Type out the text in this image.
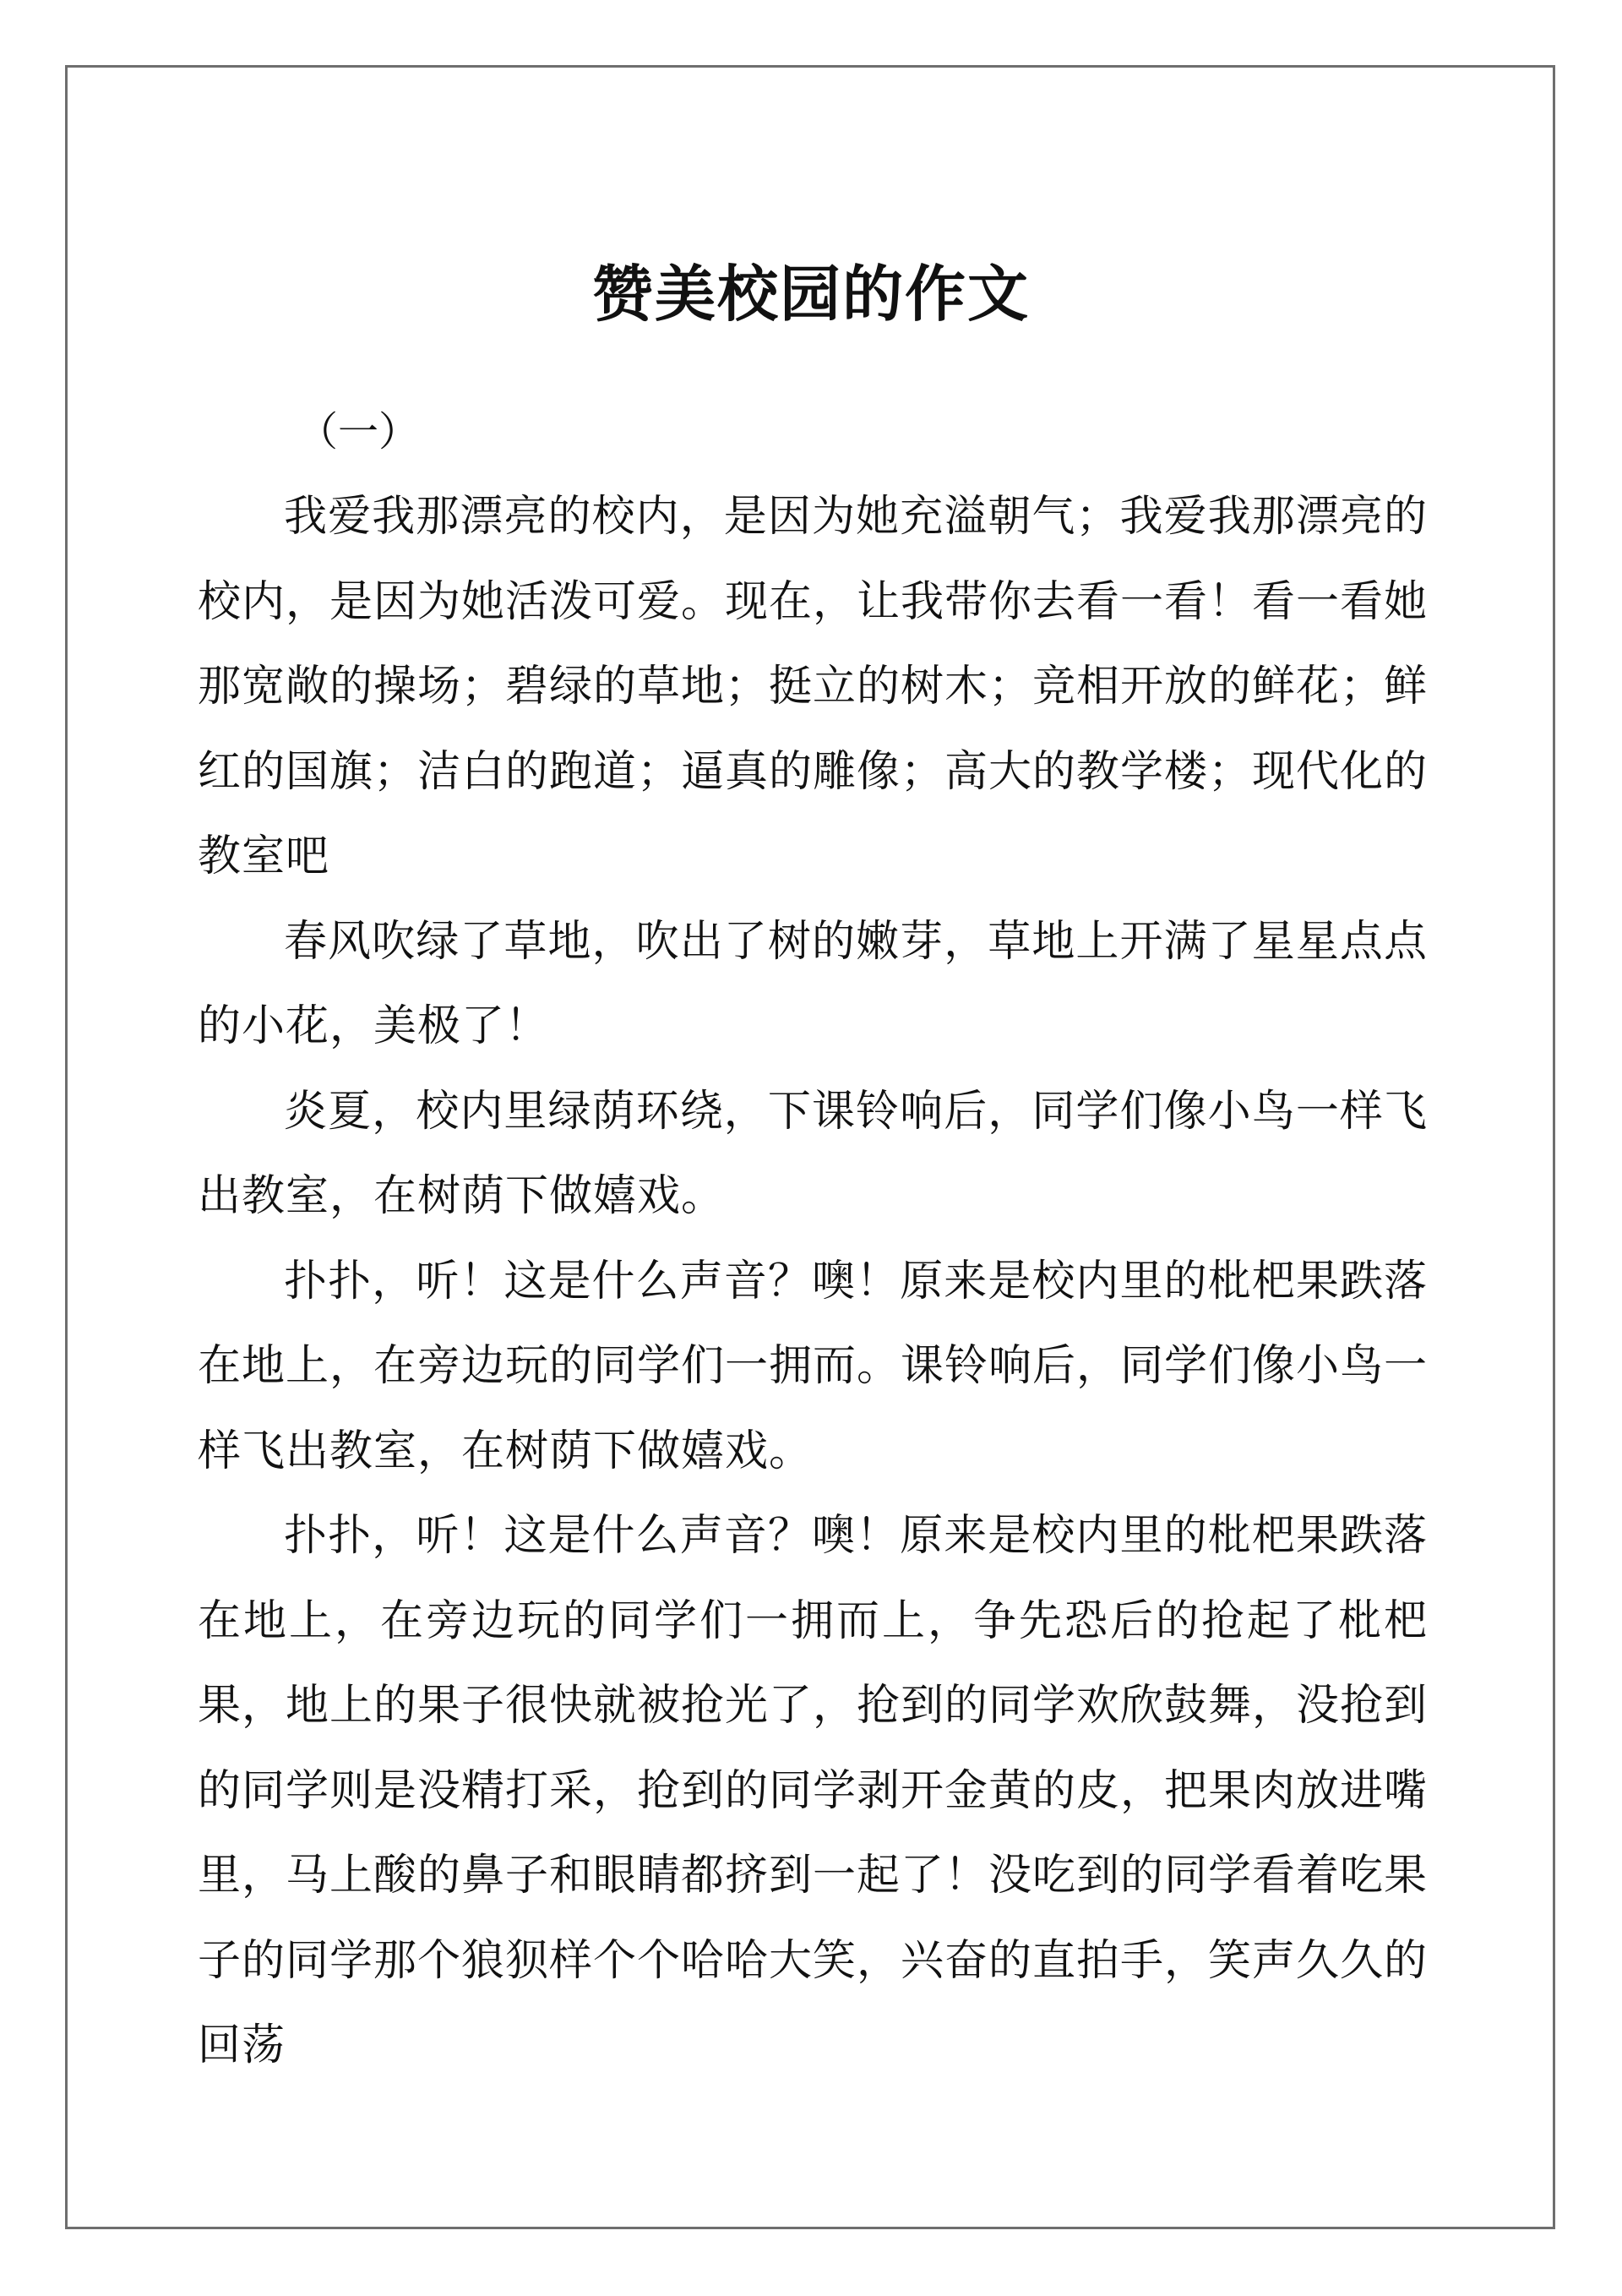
赞美校园的作文
（一）

我爱我那漂亮的校内，是因为她充溢朝气；我爱我那漂亮的校内，是因为她活泼可爱。现在，让我带你去看一看！看一看她那宽敞的操场；碧绿的草地；挺立的树木；竞相开放的鲜花；鲜红的国旗；洁白的跑道；逼真的雕像；高大的教学楼；现代化的教室吧

春风吹绿了草地，吹出了树的嫩芽，草地上开满了星星点点的小花，美极了！

炎夏，校内里绿荫环绕，下课铃响后，同学们像小鸟一样飞出教室，在树荫下做嬉戏。

扑扑，听！这是什么声音？噢！原来是校内里的枇杷果跌落在地上，在旁边玩的同学们一拥而。课铃响后，同学们像小鸟一样飞出教室，在树荫下做嬉戏。

扑扑，听！这是什么声音？噢！原来是校内里的枇杷果跌落在地上，在旁边玩的同学们一拥而上，争先恐后的抢起了枇杷果，地上的果子很快就被抢光了，抢到的同学欢欣鼓舞，没抢到的同学则是没精打采，抢到的同学剥开金黄的皮，把果肉放进嘴里，马上酸的鼻子和眼睛都挤到一起了！没吃到的同学看着吃果子的同学那个狼狈样个个哈哈大笑，兴奋的直拍手，笑声久久的回荡
